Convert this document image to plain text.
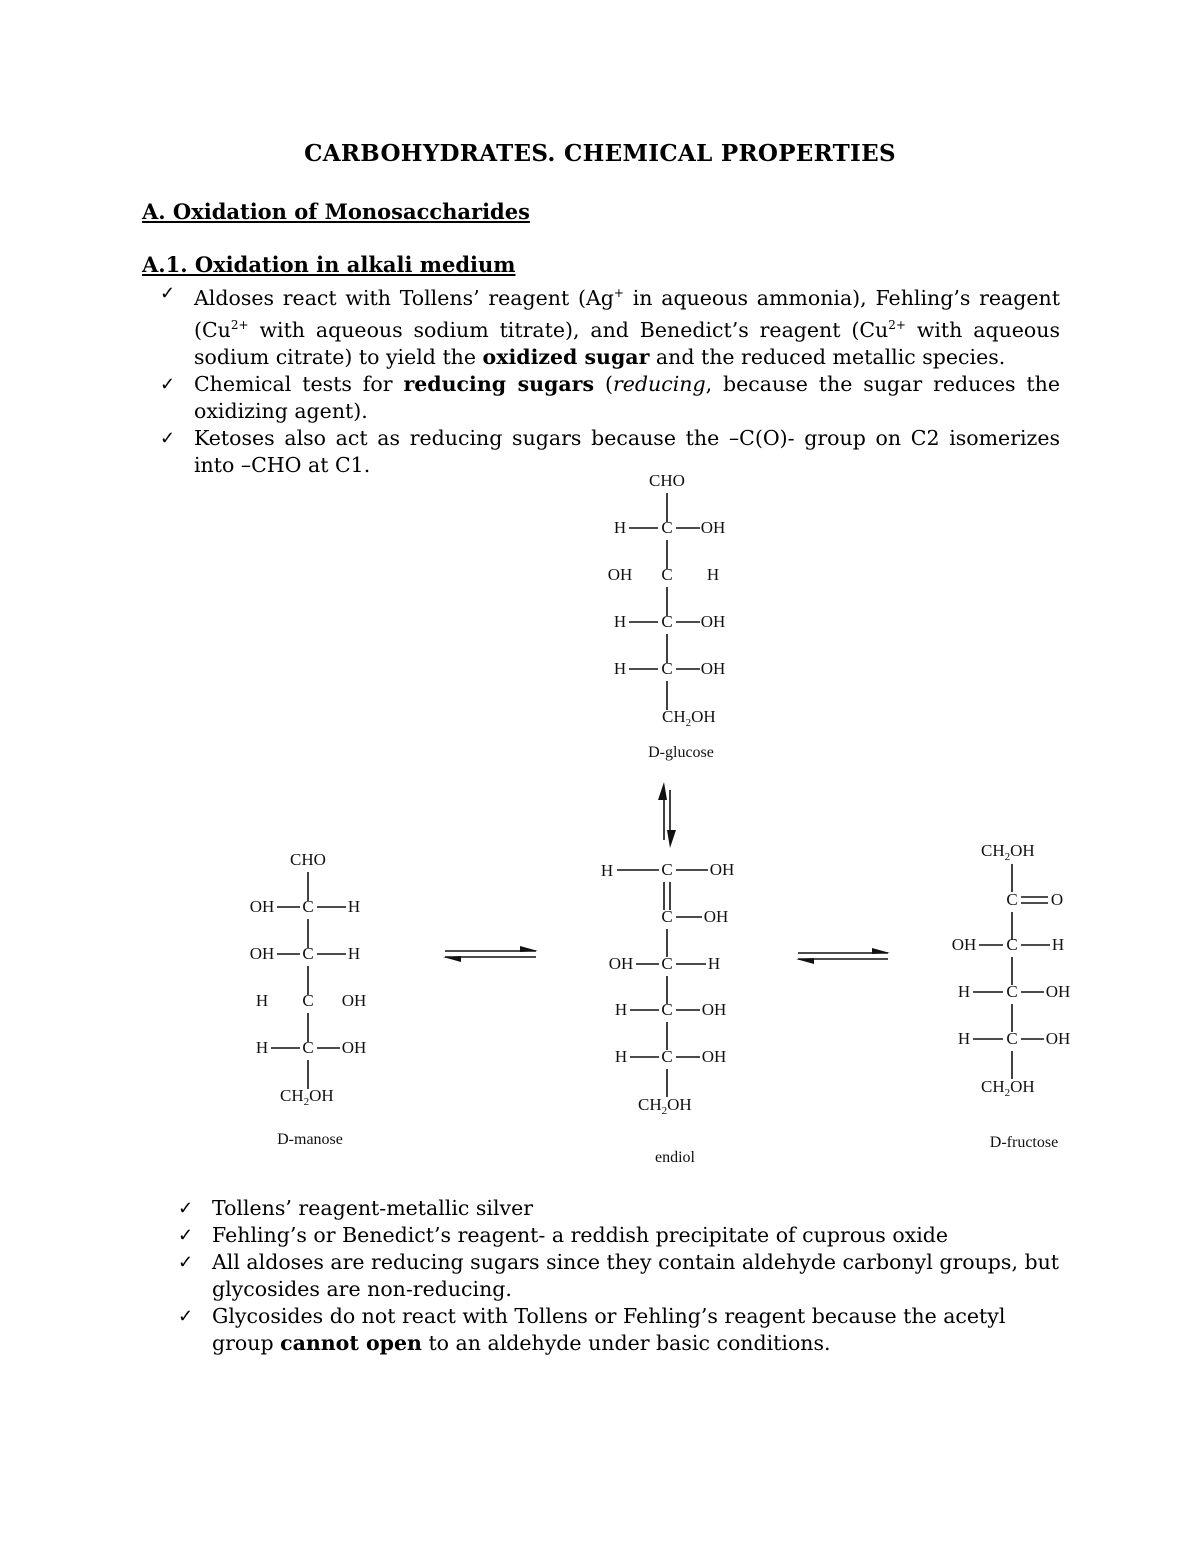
CARBOHYDRATES. CHEMICAL PROPERTIES
A. Oxidation of Monosaccharides
A.1. Oxidation in alkali medium
✓ Aldoses react with Tollens’ reagent (Ag+ in aqueous ammonia), Fehling’s reagent ($Cu^{2+}$ with aqueous sodium titrate), and Benedict’s reagent ($Cu^{2+}$ with aqueous sodium citrate) to yield the oxidized sugar and the reduced metallic species.
✓ Chemical tests for reducing sugars (reducing, because the sugar reduces the oxidizing agent).
✓ Ketoses also act as reducing sugars because the –C(O)- group on C2 isomerizes into –CHO at C1.
CHO
H C OH
OH C H
H C OH
H C OH
$CH_2OH$
D-glucose
CHO
OH C H
OH C H
H C OH
H C OH
$CH_2OH$
D-manose
H	C OH
C OH
OH C H
H C OH
H C OH
$CH_2OH$
endiol
$CH_2OH$
C O
OH C H
H C OH
H C OH
$CH_2OH$
D-fructose
✓ Tollens’ reagent-metallic silver
✓ Fehling’s or Benedict’s reagent- a reddish precipitate of cuprous oxide
✓ All aldoses are reducing sugars since they contain aldehyde carbonyl groups, but glycosides are non-reducing.
✓ Glycosides do not react with Tollens or Fehling’s reagent because the acetyl group cannot open to an aldehyde under basic conditions.
